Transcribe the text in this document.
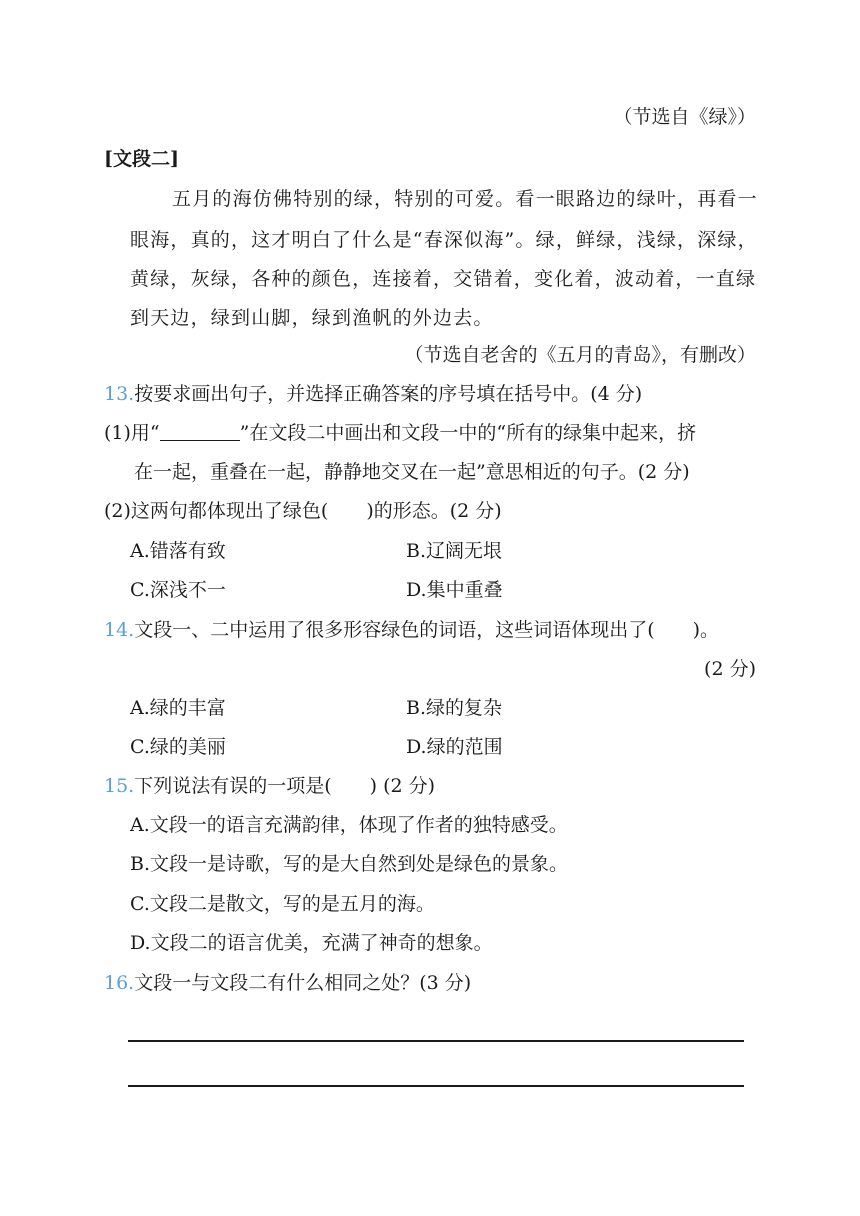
（节选自《绿》）
[文段二]
五月的海仿佛特别的绿，特别的可爱。看一眼路边的绿叶，再看一
眼海，真的，这才明白了什么是“春深似海”。绿，鲜绿，浅绿，深绿，
黄绿，灰绿，各种的颜色，连接着，交错着，变化着，波动着，一直绿
到天边，绿到山脚，绿到渔帆的外边去。
（节选自老舍的《五月的青岛》，有删改）
13.按要求画出句子，并选择正确答案的序号填在括号中。(4 分)
(1)用“	”在文段二中画出和文段一中的“所有的绿集中起来，挤
在一起，重叠在一起，静静地交叉在一起”意思相近的句子。(2 分)
(2)这两句都体现出了绿色(　　)的形态。(2 分)
A.错落有致	B.辽阔无垠
C.深浅不一	D.集中重叠
14.文段一、二中运用了很多形容绿色的词语，这些词语体现出了(　　)。
(2 分)
A.绿的丰富	B.绿的复杂
C.绿的美丽	D.绿的范围
15.下列说法有误的一项是(　　) (2 分)
A.文段一的语言充满韵律，体现了作者的独特感受。
B.文段一是诗歌，写的是大自然到处是绿色的景象。
C.文段二是散文，写的是五月的海。
D.文段二的语言优美，充满了神奇的想象。
16.文段一与文段二有什么相同之处？(3 分)
